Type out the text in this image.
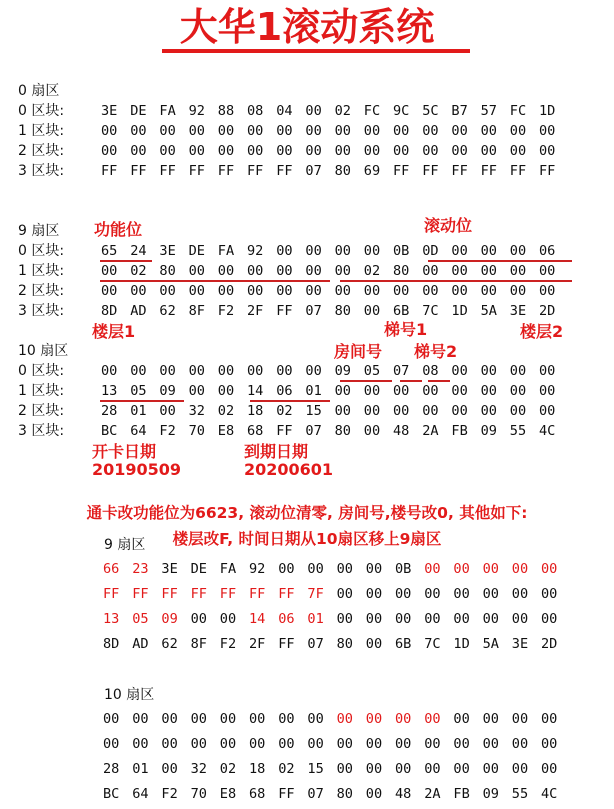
大华1滚动系统
0 扇区
9 扇区
10 扇区
0 区块:	3E DE FA 92 88 08 04 00 02 FC 9C 5C B7 57 FC 1D
1 区块:	00 00 00 00 00 00 00 00 00 00 00 00 00 00 00 00
2 区块:	00 00 00 00 00 00 00 00 00 00 00 00 00 00 00 00
3 区块:	FF FF FF FF FF FF FF 07 80 69 FF FF FF FF FF FF
0 区块:	65 24 3E DE FA 92 00 00 00 00 0B 0D 00 00 00 06
1 区块:	00 02 80 00 00 00 00 00 00 02 80 00 00 00 00 00
2 区块:	00 00 00 00 00 00 00 00 00 00 00 00 00 00 00 00
3 区块:	8D AD 62 8F F2 2F FF 07 80 00 6B 7C 1D 5A 3E 2D
0 区块:	00 00 00 00 00 00 00 00 09 05 07 08 00 00 00 00
1 区块:	13 05 09 00 00 14 06 01 00 00 00 00 00 00 00 00
2 区块:	28 01 00 32 02 18 02 15 00 00 00 00 00 00 00 00
3 区块:	BC 64 F2 70 E8 68 FF 07 80 00 48 2A FB 09 55 4C
功能位	滚动位
楼层1	楼层2
梯号1
房间号 梯号2
开卡日期
20190509
到期日期
20200601
通卡改功能位为6623, 滚动位清零, 房间号,楼号改0, 其他如下:
楼层改F, 时间日期从10扇区移上9扇区
9 扇区
10 扇区
66 23 3E DE FA 92 00 00 00 00 0B 00 00 00 00 00
FF FF FF FF FF FF FF 7F 00 00 00 00 00 00 00 00
13 05 09 00 00 14 06 01 00 00 00 00 00 00 00 00
8D AD 62 8F F2 2F FF 07 80 00 6B 7C 1D 5A 3E 2D
00 00 00 00 00 00 00 00 00 00 00 00 00 00 00 00
00 00 00 00 00 00 00 00 00 00 00 00 00 00 00 00
28 01 00 32 02 18 02 15 00 00 00 00 00 00 00 00
BC 64 F2 70 E8 68 FF 07 80 00 48 2A FB 09 55 4C
